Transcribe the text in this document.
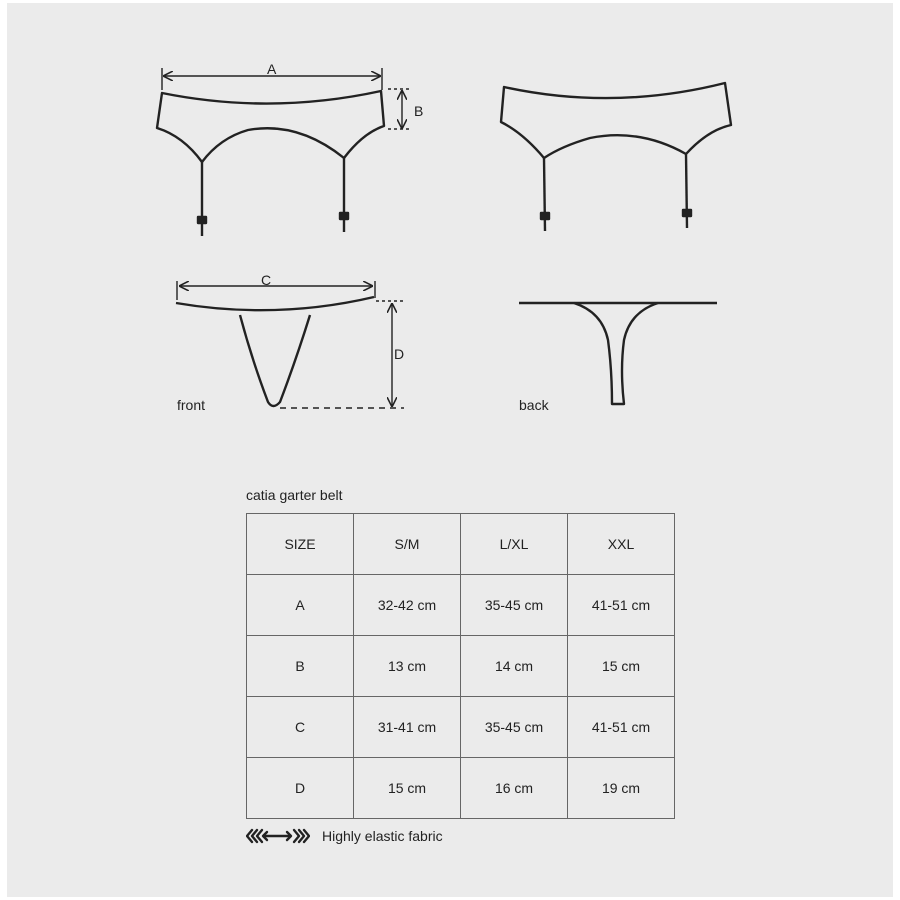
A
B
C
D
front	back
catia garter belt
SIZE	S/M	L/XL	XXL
A	32-42 cm	35-45 cm	41-51 cm
B	13 cm	14 cm	15 cm
C	31-41 cm	35-45 cm	41-51 cm
D	15 cm	16 cm	19 cm
Highly elastic fabric
